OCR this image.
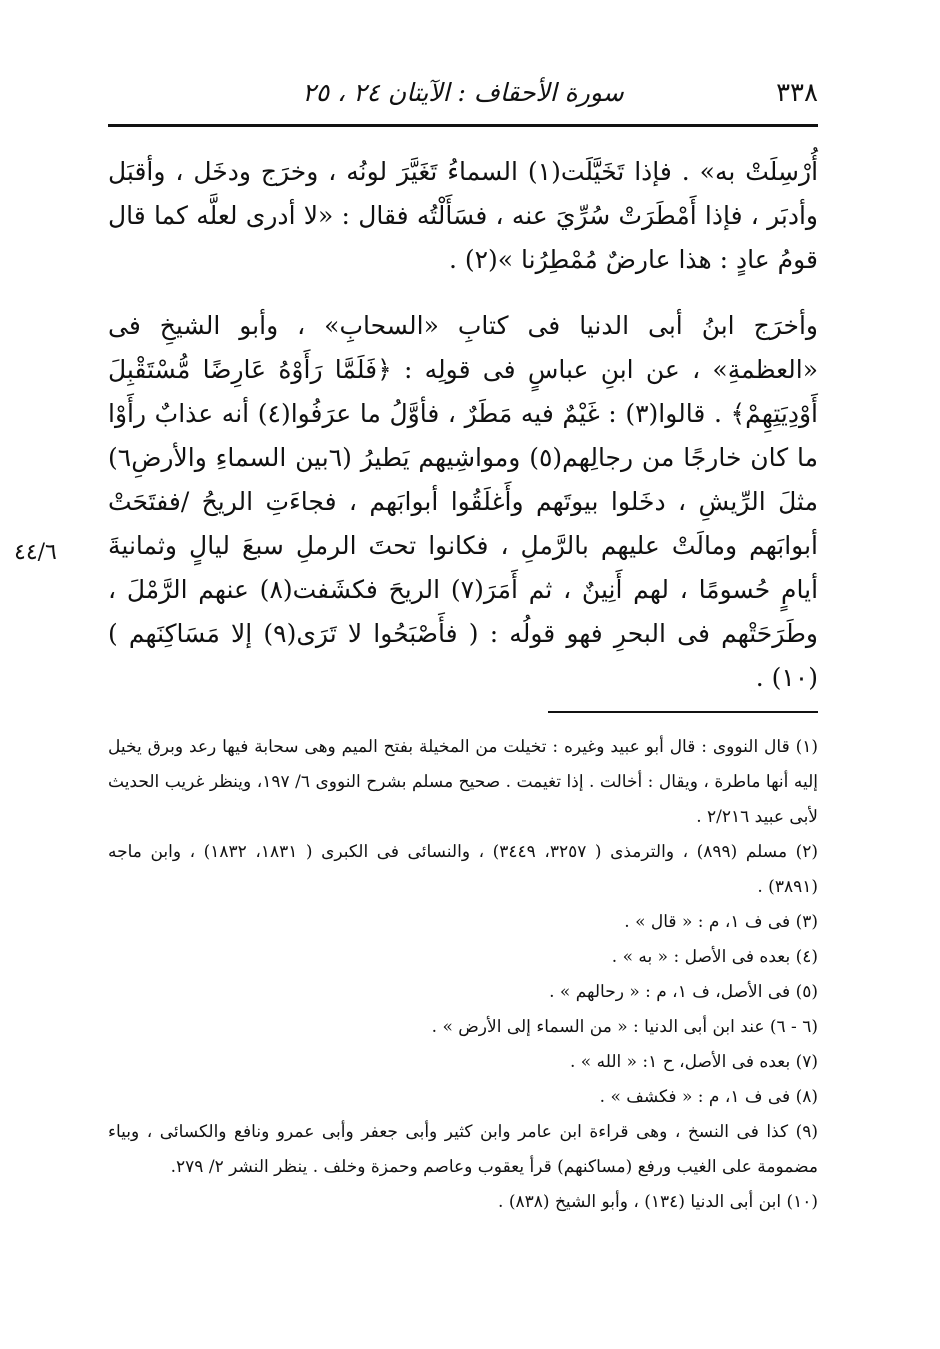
٣٣٨
سورة الأحقاف : الآيتان ٢٤ ، ٢٥

أُرْسِلَتْ به» . فإذا تَخَيَّلَت(١) السماءُ تَغَيَّرَ لونُه ، وخرَج ودخَل ، وأقبَل وأدبَر ، فإذا أَمْطَرَتْ سُرِّيَ عنه ، فسَأَلْتُه فقال : «لا أدرى لعلَّه كما قال قومُ عادٍ : هذا عارضٌ مُمْطِرُنا »(٢) .

وأخرَج ابنُ أبى الدنيا فى كتابِ «السحابِ» ، وأبو الشيخِ فى «العظمةِ» ، عن ابنِ عباسٍ فى قولِه : ﴿فَلَمَّا رَأَوْهُ عَارِضًا مُّسْتَقْبِلَ أَوْدِيَتِهِمْ﴾ . قالوا(٣) : غَيْمٌ فيه مَطَرٌ ، فأوَّلُ ما عرَفُوا(٤) أنه عذابٌ رأَوْا ما كان خارجًا من رجالِهم(٥) ومواشِيهم يَطيرُ (٦بين السماءِ والأرضِ٦) مثلَ الرِّيشِ ، دخَلوا بيوتَهم وأَغلَقُوا أبوابَهم ، فجاءَتِ الريحُ /ففتَحَتْ أبوابَهم ومالَتْ عليهم بالرَّملِ ، فكانوا تحتَ الرملِ سبعَ ليالٍ وثمانيةَ أيامٍ حُسومًا ، لهم أَنِينٌ ، ثم أَمَرَ(٧) الريحَ فكشَفت(٨) عنهم الرَّمْلَ ، وطَرَحَتْهم فى البحرِ فهو قولُه : ( فأَصْبَحُوا لا تَرَى(٩) إلا مَسَاكِنَهم )(١٠) .

٤٤/٦

(١) قال النووى : قال أبو عبيد وغيره : تخيلت من المخيلة بفتح الميم وهى سحابة فيها رعد وبرق يخيل إليه أنها ماطرة ، ويقال : أخالت . إذا تغيمت . صحيح مسلم بشرح النووى ٦/ ١٩٧، وينظر غريب الحديث لأبى عبيد ٢/٢١٦ .

(٢) مسلم (٨٩٩) ، والترمذى ( ٣٢٥٧، ٣٤٤٩) ، والنسائى فى الكبرى ( ١٨٣١، ١٨٣٢) ، وابن ماجه (٣٨٩١) .

(٣) فى ف ١، م : « قال » .

(٤) بعده فى الأصل : « به » .

(٥) فى الأصل، ف ١، م : « رحالهم » .

(٦ - ٦) عند ابن أبى الدنيا : « من السماء إلى الأرض » .

(٧) بعده فى الأصل، ح ١: « الله » .

(٨) فى ف ١، م : « فكشف » .

(٩) كذا فى النسخ ، وهى قراءة ابن عامر وابن كثير وأبى جعفر وأبى عمرو ونافع والكسائى ، وبياء مضمومة على الغيب ورفع (مساكنهم) قرأ يعقوب وعاصم وحمزة وخلف . ينظر النشر ٢/ ٢٧٩.

(١٠) ابن أبى الدنيا (١٣٤) ، وأبو الشيخ (٨٣٨) .
